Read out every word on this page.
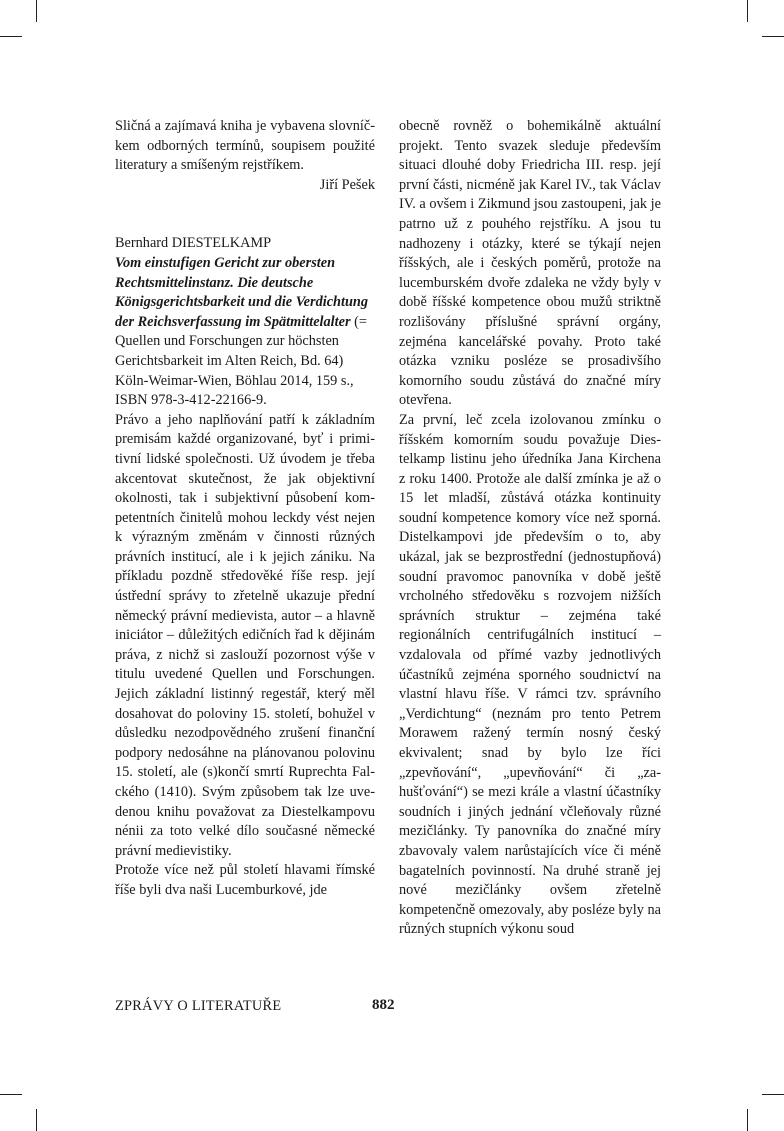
Sličná a zajímavá kniha je vybavena slovníčkem odborných termínů, soupisem použité literatury a smíšeným rejstříkem.

Jiří Pešek

Bernhard DIESTELKAMP
Vom einstufigen Gericht zur obersten Rechtsmittelinstanz. Die deutsche Königsgerichtsbarkeit und die Verdichtung der Reichsverfassung im Spätmittelalter (= Quellen und Forschungen zur höchsten Gerichtsbarkeit im Alten Reich, Bd. 64)
Köln-Weimar-Wien, Böhlau 2014, 159 s.,
ISBN 978-3-412-22166-9.

Právo a jeho naplňování patří k základním premisám každé organizované, byť i primitivní lidské společnosti. Už úvodem je třeba akcentovat skutečnost, že jak objektivní okolnosti, tak i subjektivní působení kompetentních činitelů mohou leckdy vést nejen k výrazným změnám v činnosti různých právních institucí, ale i k jejich zániku. Na příkladu pozdně středověké říše resp. její ústřední správy to zřetelně ukazuje přední německý právní medievista, autor – a hlavně iniciátor – důležitých edičních řad k dějinám práva, z nichž si zaslouží pozornost výše v titulu uvedené Quellen und Forschungen. Jejich základní listinný regestář, který měl dosahovat do poloviny 15. století, bohužel v důsledku nezodpovědného zrušení finanční podpory nedosáhne na plánovanou polovinu 15. století, ale (s)končí smrtí Ruprechta Falckého (1410). Svým způsobem tak lze uvedenou knihu považovat za Diestelkampovu nénii za toto velké dílo současné německé právní medievistiky.

Protože více než půl století hlavami římské říše byli dva naši Lucemburkové, jde

obecně rovněž o bohemikálně aktuální projekt. Tento svazek sleduje především situaci dlouhé doby Friedricha III. resp. její první části, nicméně jak Karel IV., tak Václav IV. a ovšem i Zikmund jsou zastoupeni, jak je patrno už z pouhého rejstříku. A jsou tu nadhozeny i otázky, které se týkají nejen říšských, ale i českých poměrů, protože na lucemburském dvoře zdaleka ne vždy byly v době říšské kompetence obou mužů striktně rozlišovány příslušné správní orgány, zejména kancelářské povahy. Proto také otázka vzniku posléze se prosadivšího komorního soudu zůstává do značné míry otevřena.

Za první, leč zcela izolovanou zmínku o říšském komorním soudu považuje Diestelkamp listinu jeho úředníka Jana Kirchena z roku 1400. Protože ale další zmínka je až o 15 let mladší, zůstává otázka kontinuity soudní kompetence komory více než sporná. Distelkampovi jde především o to, aby ukázal, jak se bezprostřední (jednostupňová) soudní pravomoc panovníka v době ještě vrcholného středověku s rozvojem nižších správních struktur – zejména také regionálních centrifugálních institucí – vzdalovala od přímé vazby jednotlivých účastníků zejména sporného soudnictví na vlastní hlavu říše. V rámci tzv. správního „Verdichtung“ (neznám pro tento Petrem Morawem ražený termín nosný český ekvivalent; snad by bylo lze říci „zpevňování“, „upevňování“ či „zahušťování“) se mezi krále a vlastní účastníky soudních i jiných jednání včleňovaly různé mezičlánky. Ty panovníka do značné míry zbavovaly valem narůstajících více či méně bagatelních povinností. Na druhé straně jej nové mezičlánky ovšem zřetelně kompetenčně omezovaly, aby posléze byly na různých stupních výkonu soud

ZPRÁVY O LITERATUŘE	882
